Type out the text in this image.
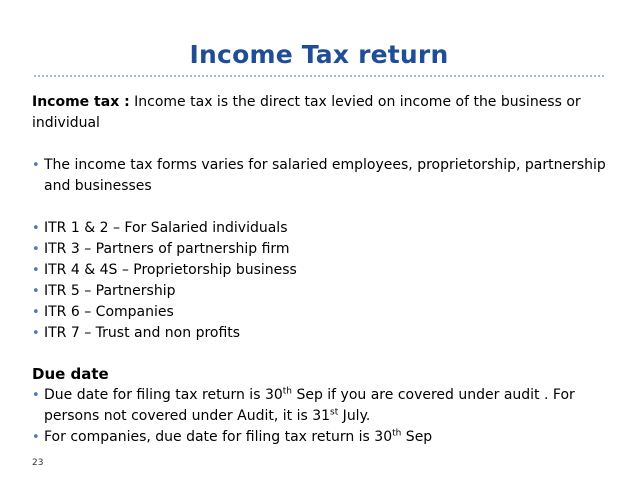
Income Tax return

Income tax : Income tax is the direct tax levied on income of the business or individual

• The income tax forms varies for salaried employees, proprietorship, partnership and businesses
• ITR 1 & 2 – For Salaried individuals
• ITR 3 – Partners of partnership firm
• ITR 4 & 4S – Proprietorship business
• ITR 5 – Partnership
• ITR 6 – Companies
• ITR 7 – Trust and non profits
Due date
• Due date for filing tax return is 30th Sep if you are covered under audit . For persons not covered under Audit, it is 31st July.
• For companies, due date for filing tax return is 30th Sep
23
